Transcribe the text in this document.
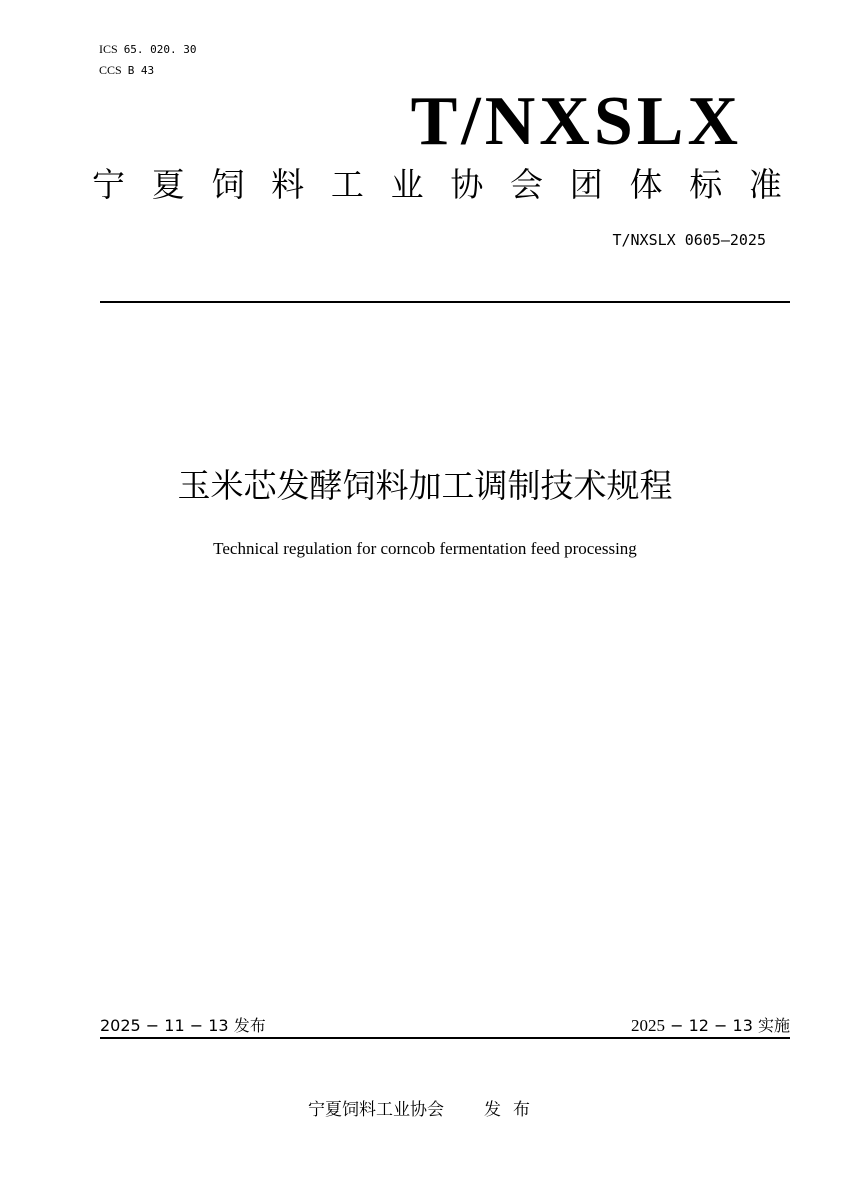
ICS 65. 020. 30
CCS B 43
T/NXSLX
宁 夏 饲 料 工 业 协 会 团 体 标 准
T/NXSLX 0605—2025
玉米芯发酵饲料加工调制技术规程
Technical regulation for corncob fermentation feed processing
2025 − 11 − 13 发布	2025 − 12 − 13 实施
宁夏饲料工业协会 发布
